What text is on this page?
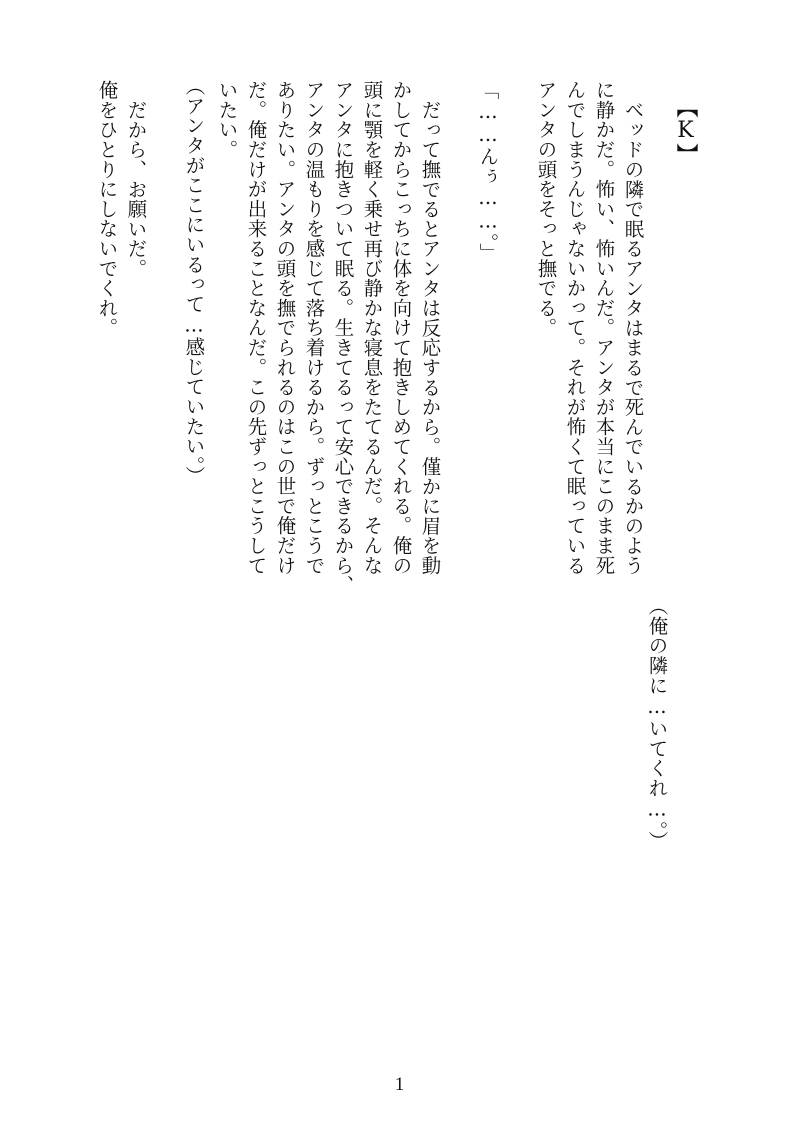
【K】
ベッドの隣で眠るアンタはまるで死んでいるかのよう
に静かだ。怖い、怖いんだ。アンタが本当にこのまま死
んでしまうんじゃないかって。それが怖くて眠っている
アンタの頭をそっと撫でる。
（俺の隣に…いてくれ…。）
「……んぅ……。」
だって撫でるとアンタは反応するから。僅かに眉を動
かしてからこっちに体を向けて抱きしめてくれる。俺の
頭に顎を軽く乗せ再び静かな寝息をたてるんだ。そんな
アンタに抱きついて眠る。生きてるって安心できるから、
アンタの温もりを感じて落ち着けるから。ずっとこうで
ありたい。アンタの頭を撫でられるのはこの世で俺だけ
だ。俺だけが出来ることなんだ。この先ずっとこうして
いたい。
（アンタがここにいるって…感じていたい。）
だから、お願いだ。
俺をひとりにしないでくれ。
1
